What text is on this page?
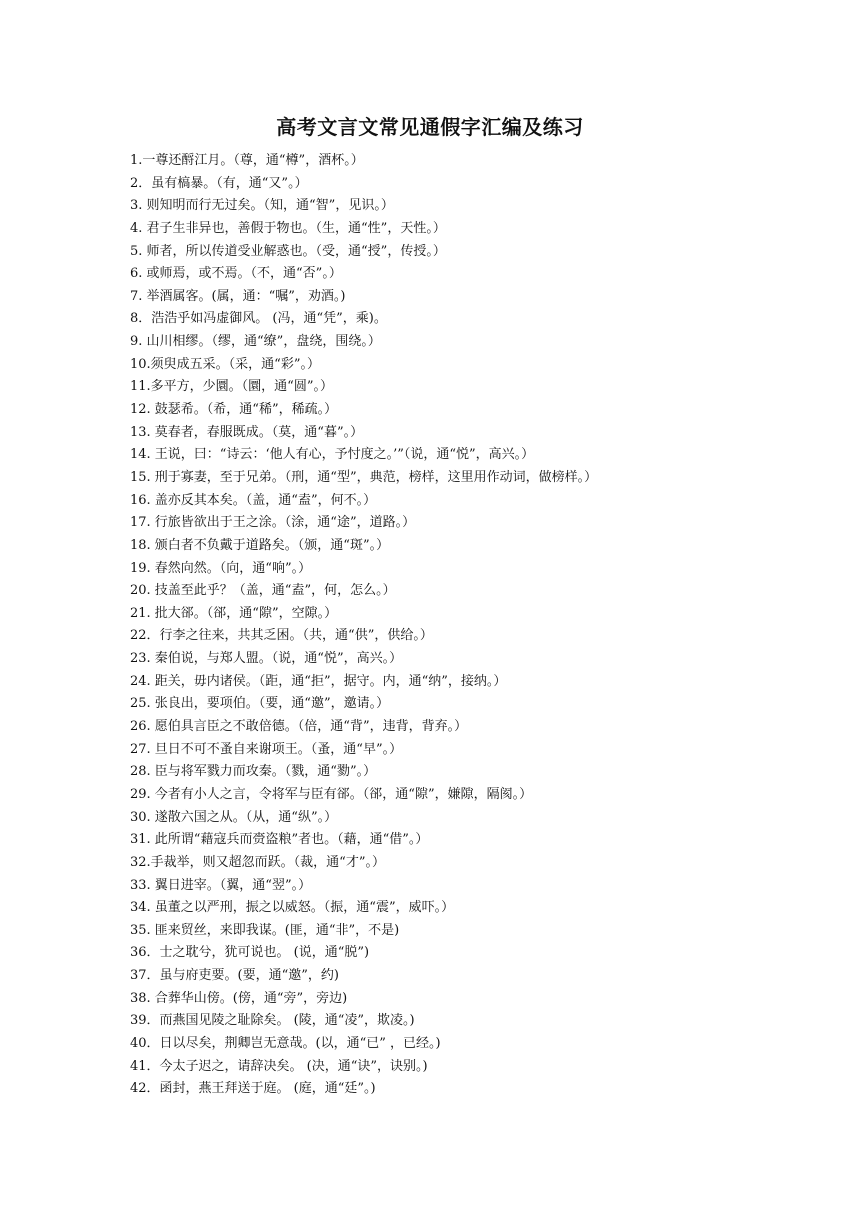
高考文言文常见通假字汇编及练习
1.一尊还酹江月。（尊，通“樽”，酒杯。）
2．虽有槁暴。（有，通“又”。）
3. 则知明而行无过矣。（知，通“智”，见识。）
4. 君子生非异也，善假于物也。（生，通“性”，天性。）
5. 师者，所以传道受业解惑也。（受，通“授”，传授。）
6. 或师焉，或不焉。（不，通“否”。）
7. 举酒属客。(属，通：“嘱”，劝酒。)
8．浩浩乎如冯虚御风。 (冯，通“凭”，乘)。
9. 山川相缪。（缪，通“缭”，盘绕，围绕。）
10.须臾成五采。（采，通“彩”。）
11.多平方，少圜。（圜，通“圆”。）
12. 鼓瑟希。（希，通“稀”，稀疏。）
13. 莫春者，春服既成。（莫，通“暮”。）
14. 王说，曰：“诗云：‘他人有心，予忖度之。’”（说，通“悦”，高兴。）
15. 刑于寡妻，至于兄弟。（刑，通“型”，典范，榜样，这里用作动词，做榜样。）
16. 盖亦反其本矣。（盖，通“盍”，何不。）
17. 行旅皆欲出于王之涂。（涂，通“途”，道路。）
18. 颁白者不负戴于道路矣。（颁，通“斑”。）
19. 春然向然。（向，通“响”。）
20. 技盖至此乎？（盖，通“盍”，何，怎么。）
21. 批大郤。（郤，通“隙”，空隙。）
22．行李之往来，共其乏困。（共，通“供”，供给。）
23. 秦伯说，与郑人盟。（说，通“悦”，高兴。）
24. 距关，毋内诸侯。（距，通“拒”，据守。内，通“纳”，接纳。）
25. 张良出，要项伯。（要，通“邀”，邀请。）
26. 愿伯具言臣之不敢倍德。（倍，通“背”，违背，背弃。）
27. 旦日不可不蚤自来谢项王。（蚤，通“早”。）
28. 臣与将军戮力而攻秦。（戮，通“勠”。）
29. 今者有小人之言，令将军与臣有郤。（郤，通“隙”，嫌隙，隔阂。）
30. 遂散六国之从。（从，通“纵”。）
31. 此所谓“藉寇兵而赍盗粮”者也。（藉，通“借”。）
32.手裁举，则又超忽而跃。（裁，通“才”。）
33. 翼日进宰。（翼，通“翌”。）
34. 虽董之以严刑，振之以威怒。（振，通“震”，威吓。）
35. 匪来贸丝，来即我谋。(匪，通“非”，不是)
36．士之耽兮，犹可说也。 (说，通“脱”)
37．虽与府吏要。(要，通“邀”，约)
38. 合葬华山傍。(傍，通“旁”，旁边)
39．而燕国见陵之耻除矣。 (陵，通“凌”，欺凌。)
40．日以尽矣，荆卿岂无意哉。(以，通“已” ，已经。)
41．今太子迟之，请辞决矣。 (决，通“诀”，诀别。)
42．函封，燕王拜送于庭。 (庭，通“廷”。)
